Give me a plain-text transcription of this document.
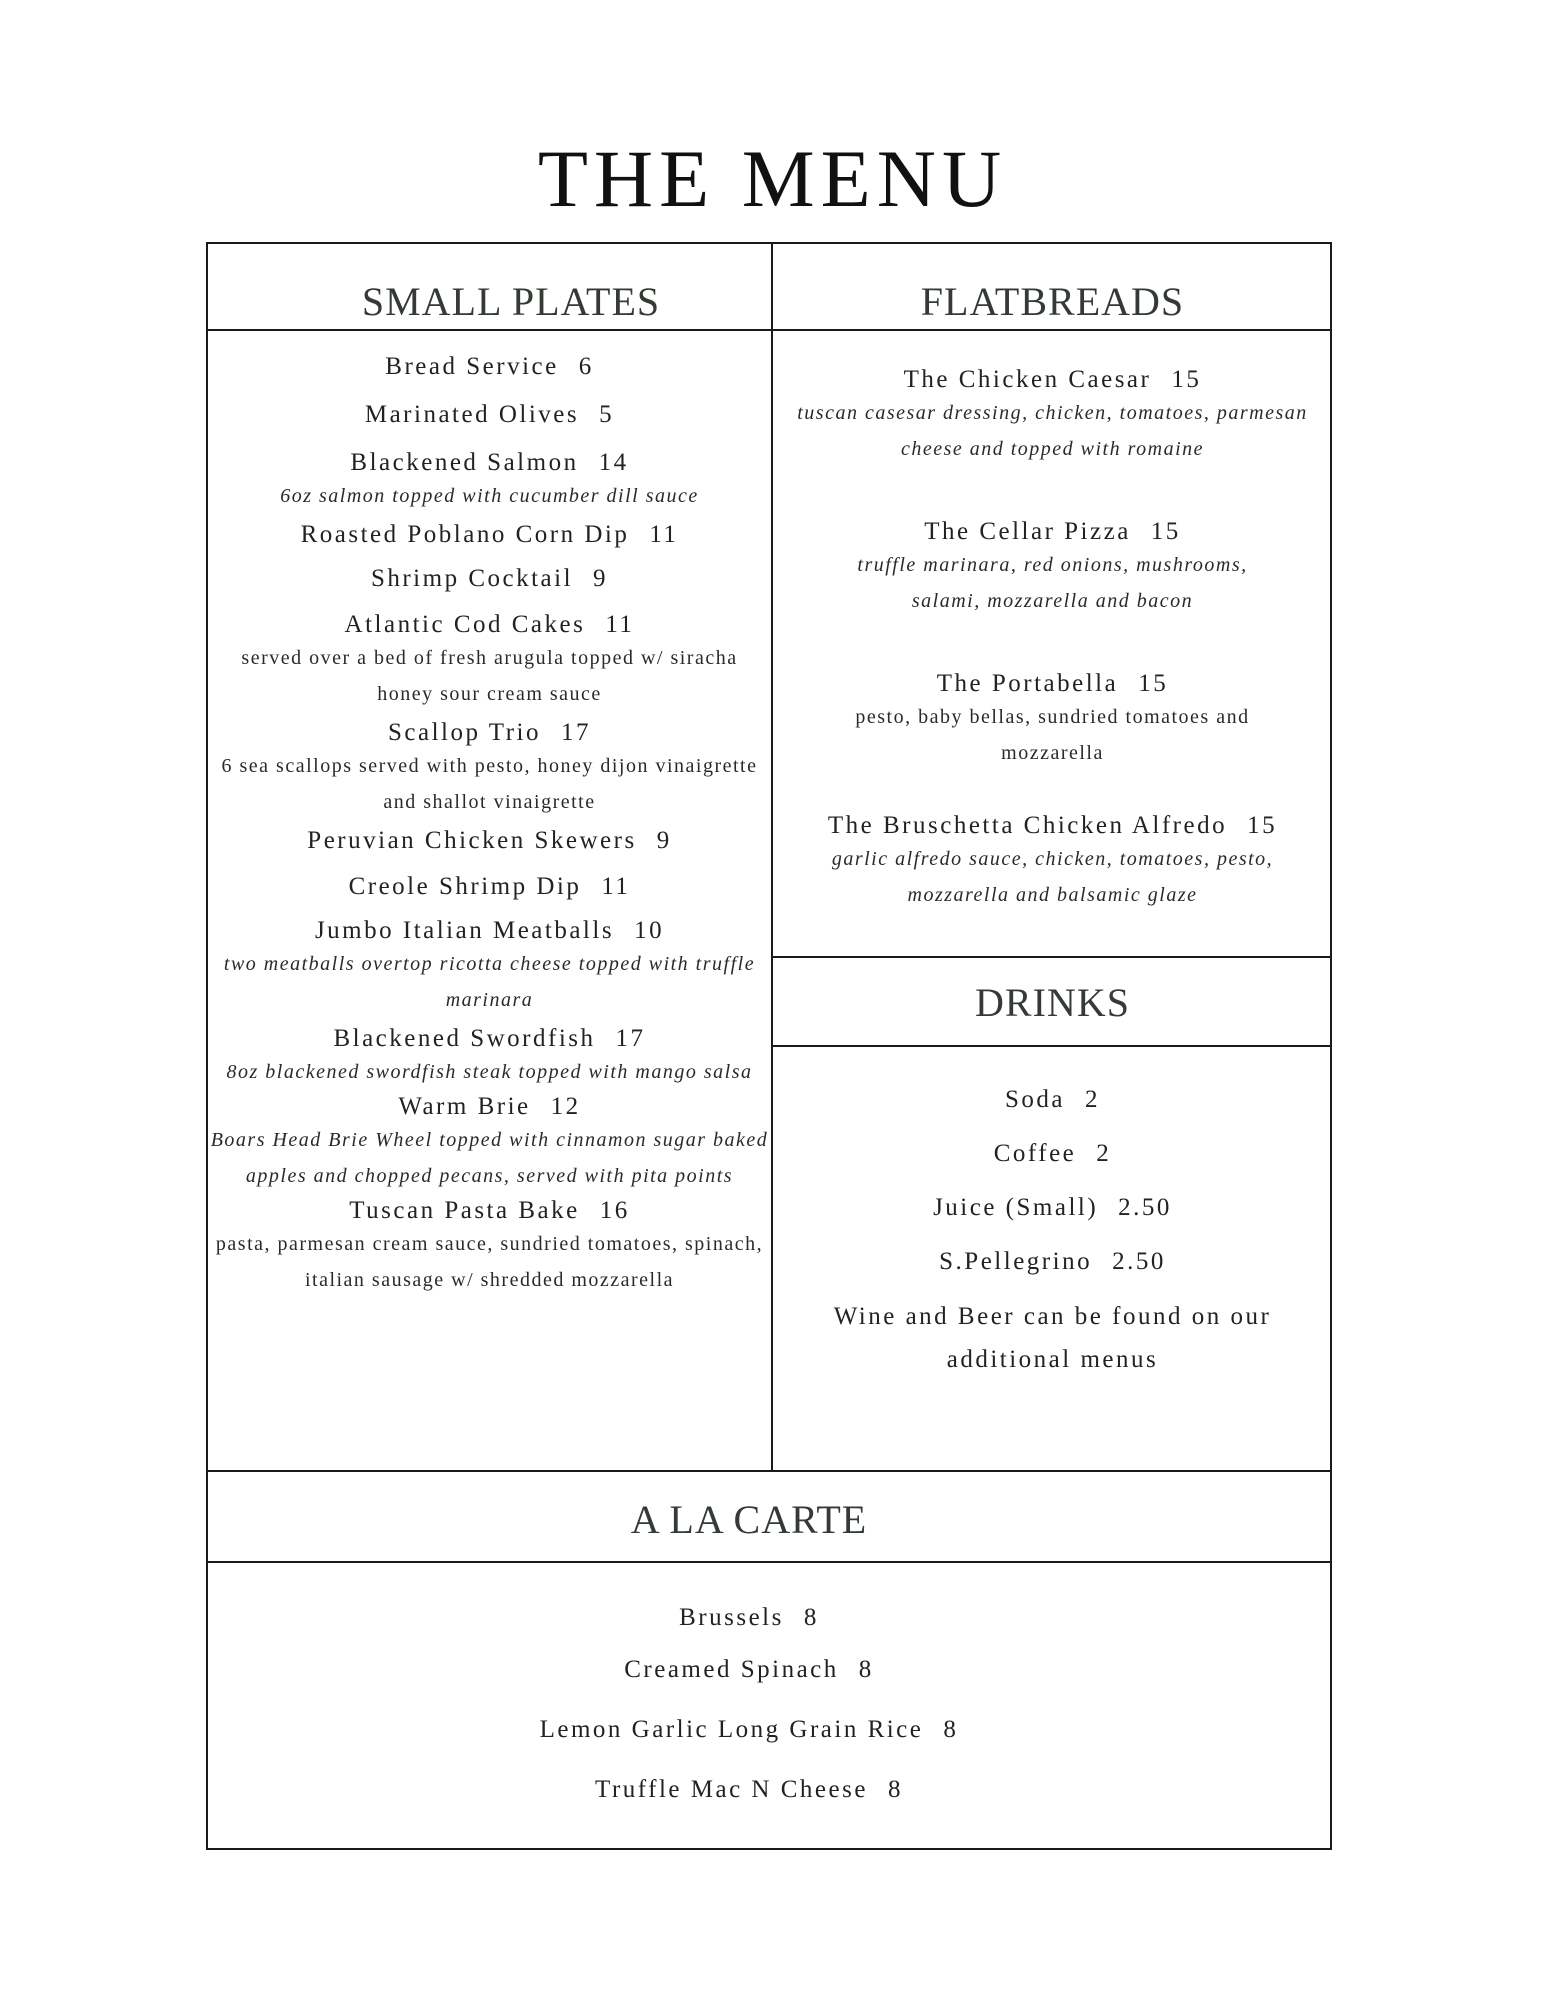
THE MENU
SMALL PLATES	FLATBREADS
DRINKS
A LA CARTE
Bread Service 6
Marinated Olives 5
Blackened Salmon 14
6oz salmon topped with cucumber dill sauce
Roasted Poblano Corn Dip 11
Shrimp Cocktail 9
Atlantic Cod Cakes 11
served over a bed of fresh arugula topped w/ siracha honey sour cream sauce
Scallop Trio 17
6 sea scallops served with pesto, honey dijon vinaigrette and shallot vinaigrette
Peruvian Chicken Skewers 9
Creole Shrimp Dip 11
Jumbo Italian Meatballs 10
two meatballs overtop ricotta cheese topped with truffle marinara
Blackened Swordfish 17
8oz blackened swordfish steak topped with mango salsa
Warm Brie 12
Boars Head Brie Wheel topped with cinnamon sugar baked apples and chopped pecans, served with pita points
Tuscan Pasta Bake 16
pasta, parmesan cream sauce, sundried tomatoes, spinach, italian sausage w/ shredded mozzarella
The Chicken Caesar 15
tuscan casesar dressing, chicken, tomatoes, parmesan cheese and topped with romaine
The Cellar Pizza 15
truffle marinara, red onions, mushrooms, salami, mozzarella and bacon
The Portabella 15
pesto, baby bellas, sundried tomatoes and mozzarella
The Bruschetta Chicken Alfredo 15
garlic alfredo sauce, chicken, tomatoes, pesto, mozzarella and balsamic glaze
Soda 2
Coffee 2
Juice (Small) 2.50
S.Pellegrino 2.50
Wine and Beer can be found on our additional menus
Brussels 8
Creamed Spinach 8
Lemon Garlic Long Grain Rice 8
Truffle Mac N Cheese 8
